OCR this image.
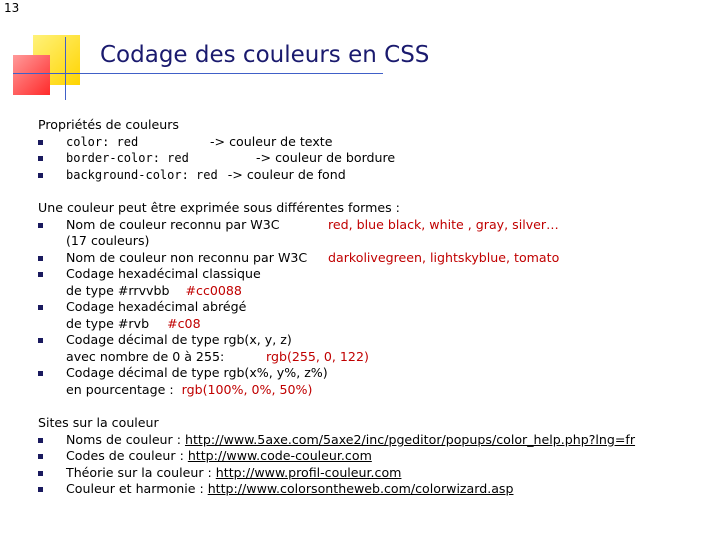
13
Codage des couleurs en CSS
Propriétés de couleurs
color: red	-> couleur de texte
border-color: red	-> couleur de bordure
background-color: red -> couleur de fond
Une couleur peut être exprimée sous différentes formes :
Nom de couleur reconnu par W3C	red, blue black, white , gray, silver…
(17 couleurs)
Nom de couleur non reconnu par W3C darkolivegreen, lightskyblue, tomato
Codage hexadécimal classique
de type #rrvvbb #cc0088
Codage hexadécimal abrégé
de type #rvb #c08
Codage décimal de type rgb(x, y, z)
avec nombre de 0 à 255:	rgb(255, 0, 122)
Codage décimal de type rgb(x%, y%, z%)
en pourcentage : rgb(100%, 0%, 50%)
Sites sur la couleur
Noms de couleur : http://www.5axe.com/5axe2/inc/pgeditor/popups/color_help.php?lng=fr
Codes de couleur : http://www.code-couleur.com
Théorie sur la couleur : http://www.profil-couleur.com
Couleur et harmonie : http://www.colorsontheweb.com/colorwizard.asp
